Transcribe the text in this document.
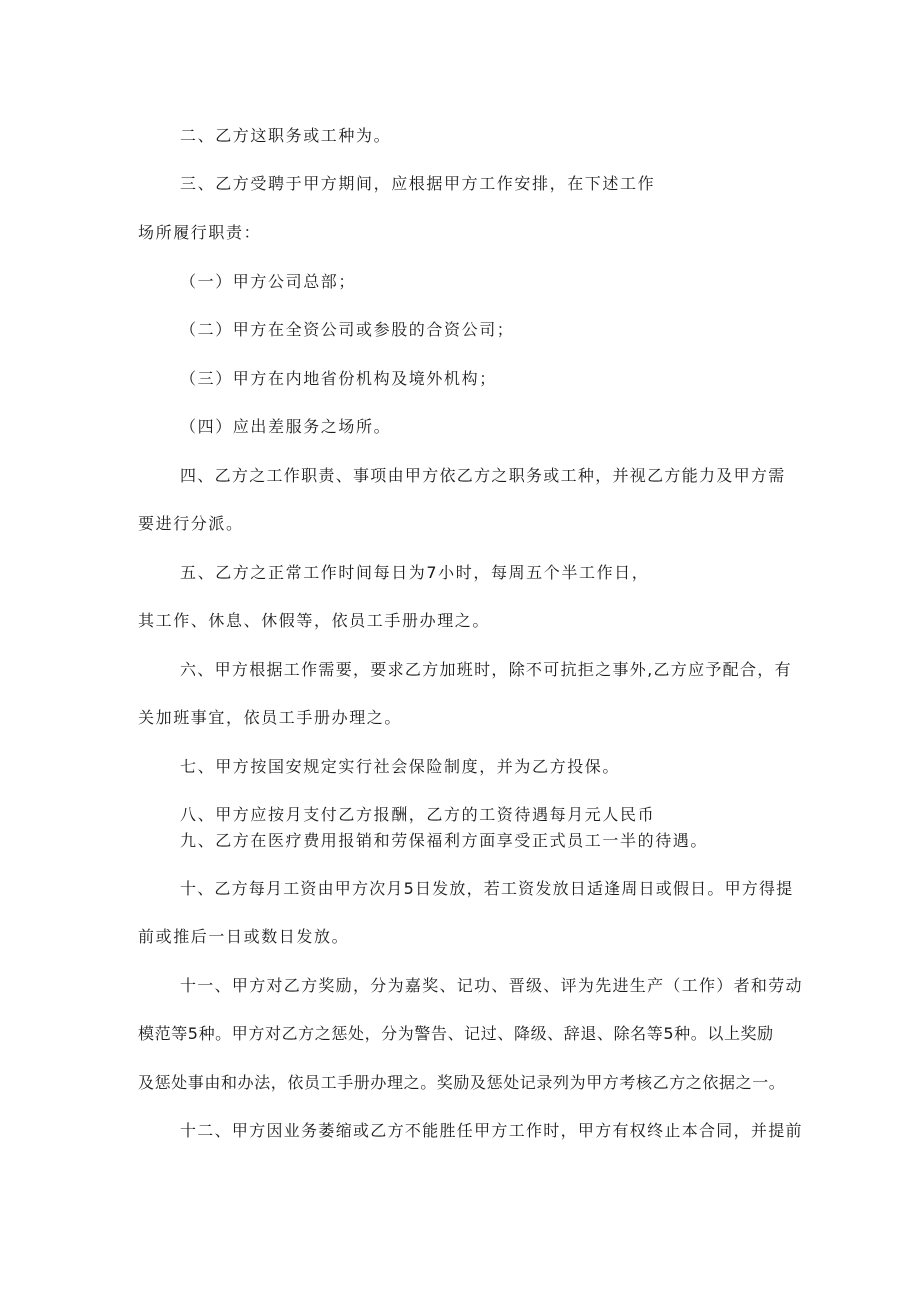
二、乙方这职务或工种为。
三、乙方受聘于甲方期间，应根据甲方工作安排，在下述工作
场所履行职责：
（一）甲方公司总部；
（二）甲方在全资公司或参股的合资公司；
（三）甲方在内地省份机构及境外机构；
（四）应出差服务之场所。
四、乙方之工作职责、事项由甲方依乙方之职务或工种，并视乙方能力及甲方需
要进行分派。
五、乙方之正常工作时间每日为7小时，每周五个半工作日，
其工作、休息、休假等，依员工手册办理之。
六、甲方根据工作需要，要求乙方加班时，除不可抗拒之事外,乙方应予配合，有
关加班事宜，依员工手册办理之。
七、甲方按国安规定实行社会保险制度，并为乙方投保。
八、甲方应按月支付乙方报酬，乙方的工资待遇每月元人民币
九、乙方在医疗费用报销和劳保福利方面享受正式员工一半的待遇。
十、乙方每月工资由甲方次月5日发放，若工资发放日适逢周日或假日。甲方得提
前或推后一日或数日发放。
十一、甲方对乙方奖励，分为嘉奖、记功、晋级、评为先进生产（工作）者和劳动
模范等5种。甲方对乙方之惩处，分为警告、记过、降级、辞退、除名等5种。以上奖励
及惩处事由和办法，依员工手册办理之。奖励及惩处记录列为甲方考核乙方之依据之一。
十二、甲方因业务萎缩或乙方不能胜任甲方工作时，甲方有权终止本合同，并提前
